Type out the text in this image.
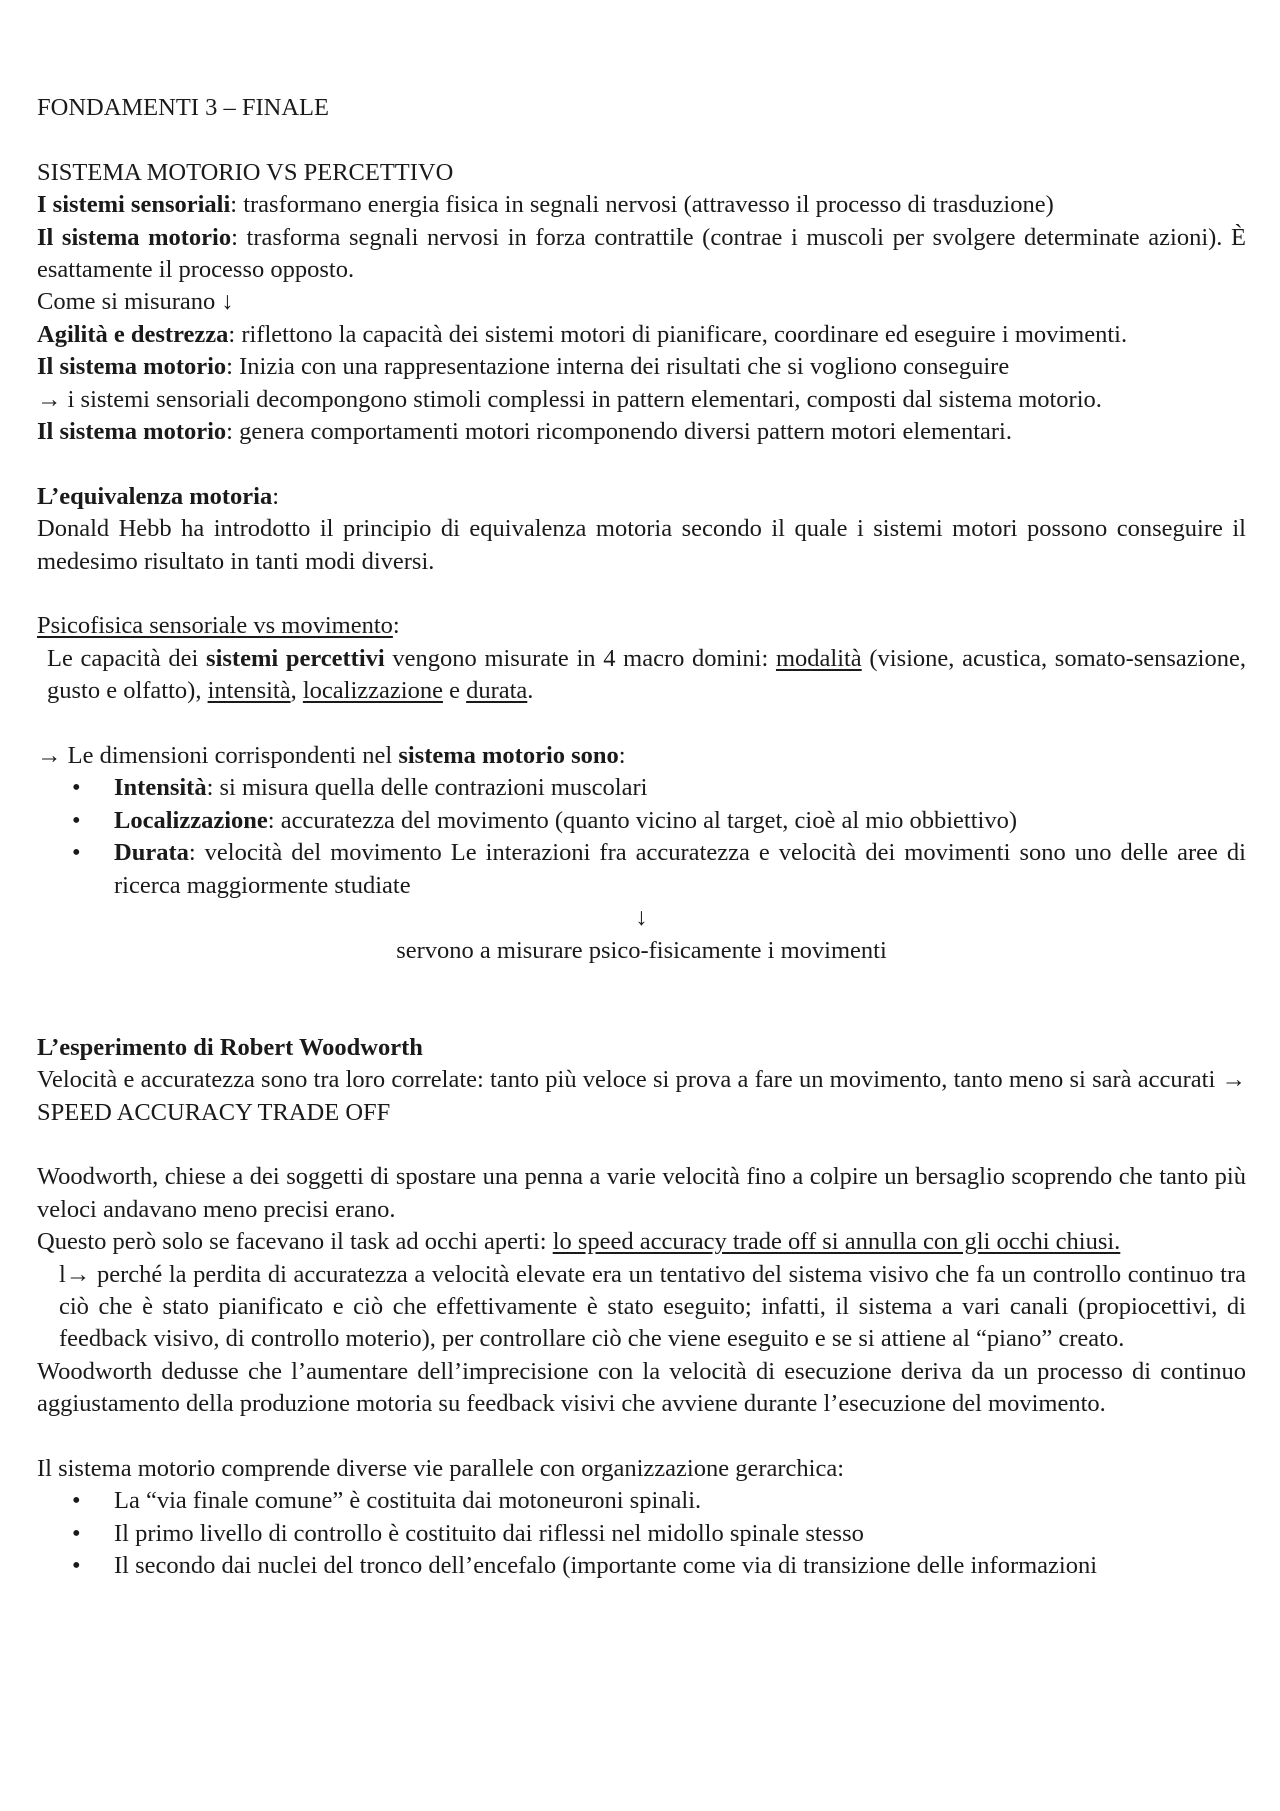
FONDAMENTI 3 – FINALE

SISTEMA MOTORIO VS PERCETTIVO

I sistemi sensoriali: trasformano energia fisica in segnali nervosi (attravesso il processo di trasduzione)

Il sistema motorio: trasforma segnali nervosi in forza contrattile (contrae i muscoli per svolgere determinate azioni). È esattamente il processo opposto.

Come si misurano ↓

Agilità e destrezza: riflettono la capacità dei sistemi motori di pianificare, coordinare ed eseguire i movimenti.

Il sistema motorio: Inizia con una rappresentazione interna dei risultati che si vogliono conseguire

→ i sistemi sensoriali decompongono stimoli complessi in pattern elementari, composti dal sistema motorio.

Il sistema motorio: genera comportamenti motori ricomponendo diversi pattern motori elementari.

L’equivalenza motoria:

Donald Hebb ha introdotto il principio di equivalenza motoria secondo il quale i sistemi motori possono conseguire il medesimo risultato in tanti modi diversi.

Psicofisica sensoriale vs movimento:

Le capacità dei sistemi percettivi vengono misurate in 4 macro domini: modalità (visione, acustica, somato-sensazione, gusto e olfatto), intensità, localizzazione e durata.

→ Le dimensioni corrispondenti nel sistema motorio sono:

• Intensità: si misura quella delle contrazioni muscolari
• Localizzazione: accuratezza del movimento (quanto vicino al target, cioè al mio obbiettivo)
• Durata: velocità del movimento Le interazioni fra accuratezza e velocità dei movimenti sono uno delle aree di ricerca maggiormente studiate

↓

servono a misurare psico-fisicamente i movimenti

L’esperimento di Robert Woodworth

Velocità e accuratezza sono tra loro correlate: tanto più veloce si prova a fare un movimento, tanto meno si sarà accurati → SPEED ACCURACY TRADE OFF

Woodworth, chiese a dei soggetti di spostare una penna a varie velocità fino a colpire un bersaglio scoprendo che tanto più veloci andavano meno precisi erano.

Questo però solo se facevano il task ad occhi aperti: lo speed accuracy trade off si annulla con gli occhi chiusi.

l→ perché la perdita di accuratezza a velocità elevate era un tentativo del sistema visivo che fa un controllo continuo tra ciò che è stato pianificato e ciò che effettivamente è stato eseguito; infatti, il sistema a vari canali (propiocettivi, di feedback visivo, di controllo moterio), per controllare ciò che viene eseguito e se si attiene al “piano” creato.

Woodworth dedusse che l’aumentare dell’imprecisione con la velocità di esecuzione deriva da un processo di continuo aggiustamento della produzione motoria su feedback visivi che avviene durante l’esecuzione del movimento.

Il sistema motorio comprende diverse vie parallele con organizzazione gerarchica:

• La “via finale comune” è costituita dai motoneuroni spinali.
• Il primo livello di controllo è costituito dai riflessi nel midollo spinale stesso
• Il secondo dai nuclei del tronco dell’encefalo (importante come via di transizione delle informazioni
